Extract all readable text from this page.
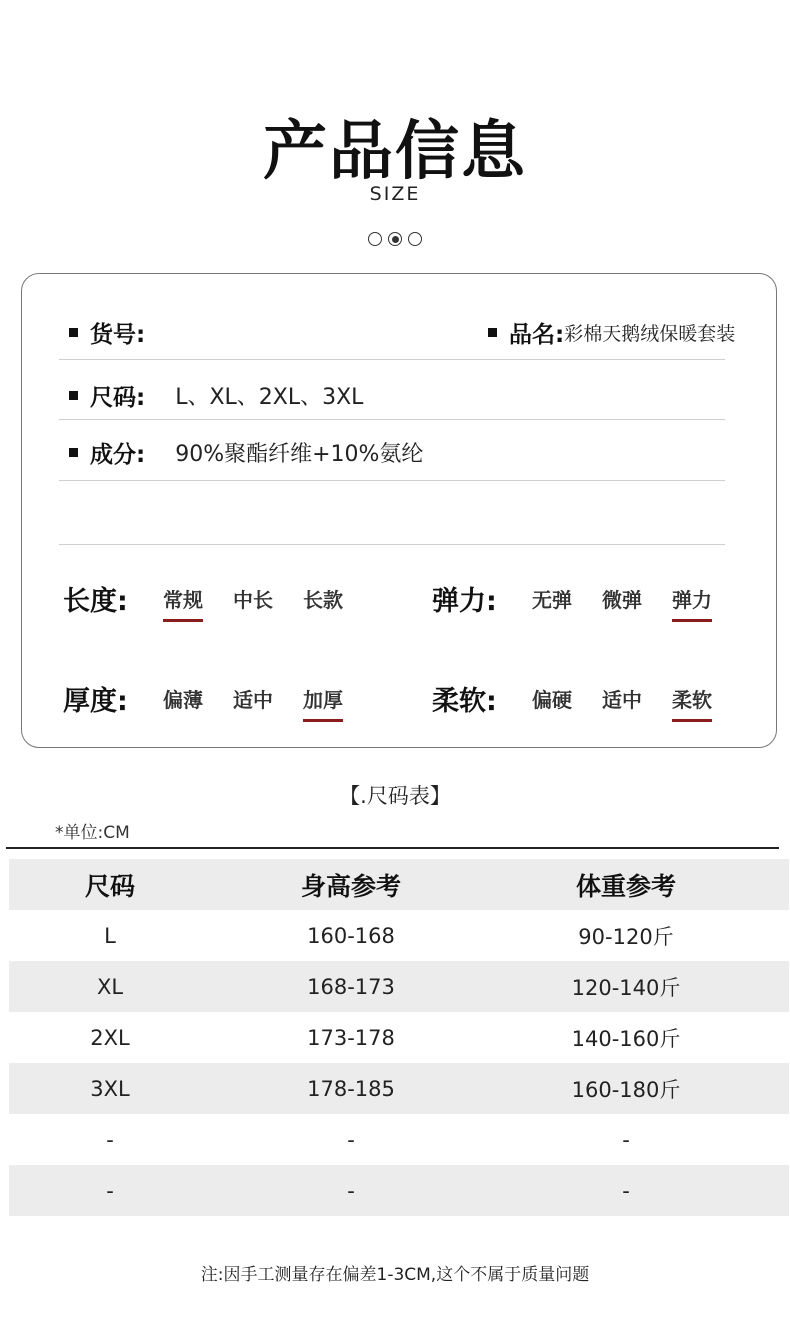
产品信息
SIZE
货号:	品名: 彩棉天鹅绒保暖套装
尺码: L、XL、2XL、3XL
成分: 90%聚酯纤维+10%氨纶
长度:	常规 中长 长款	弹力:	无弹 微弹 弹力
厚度:	偏薄 适中 加厚	柔软:	偏硬 适中 柔软
【.尺码表】
*单位:CM
尺码	身高参考	体重参考
L	160-168	90-120斤
XL	168-173	120-140斤
2XL	173-178	140-160斤
3XL	178-185	160-180斤
-	-	-
-	-	-
注:因手工测量存在偏差1-3CM,这个不属于质量问题
